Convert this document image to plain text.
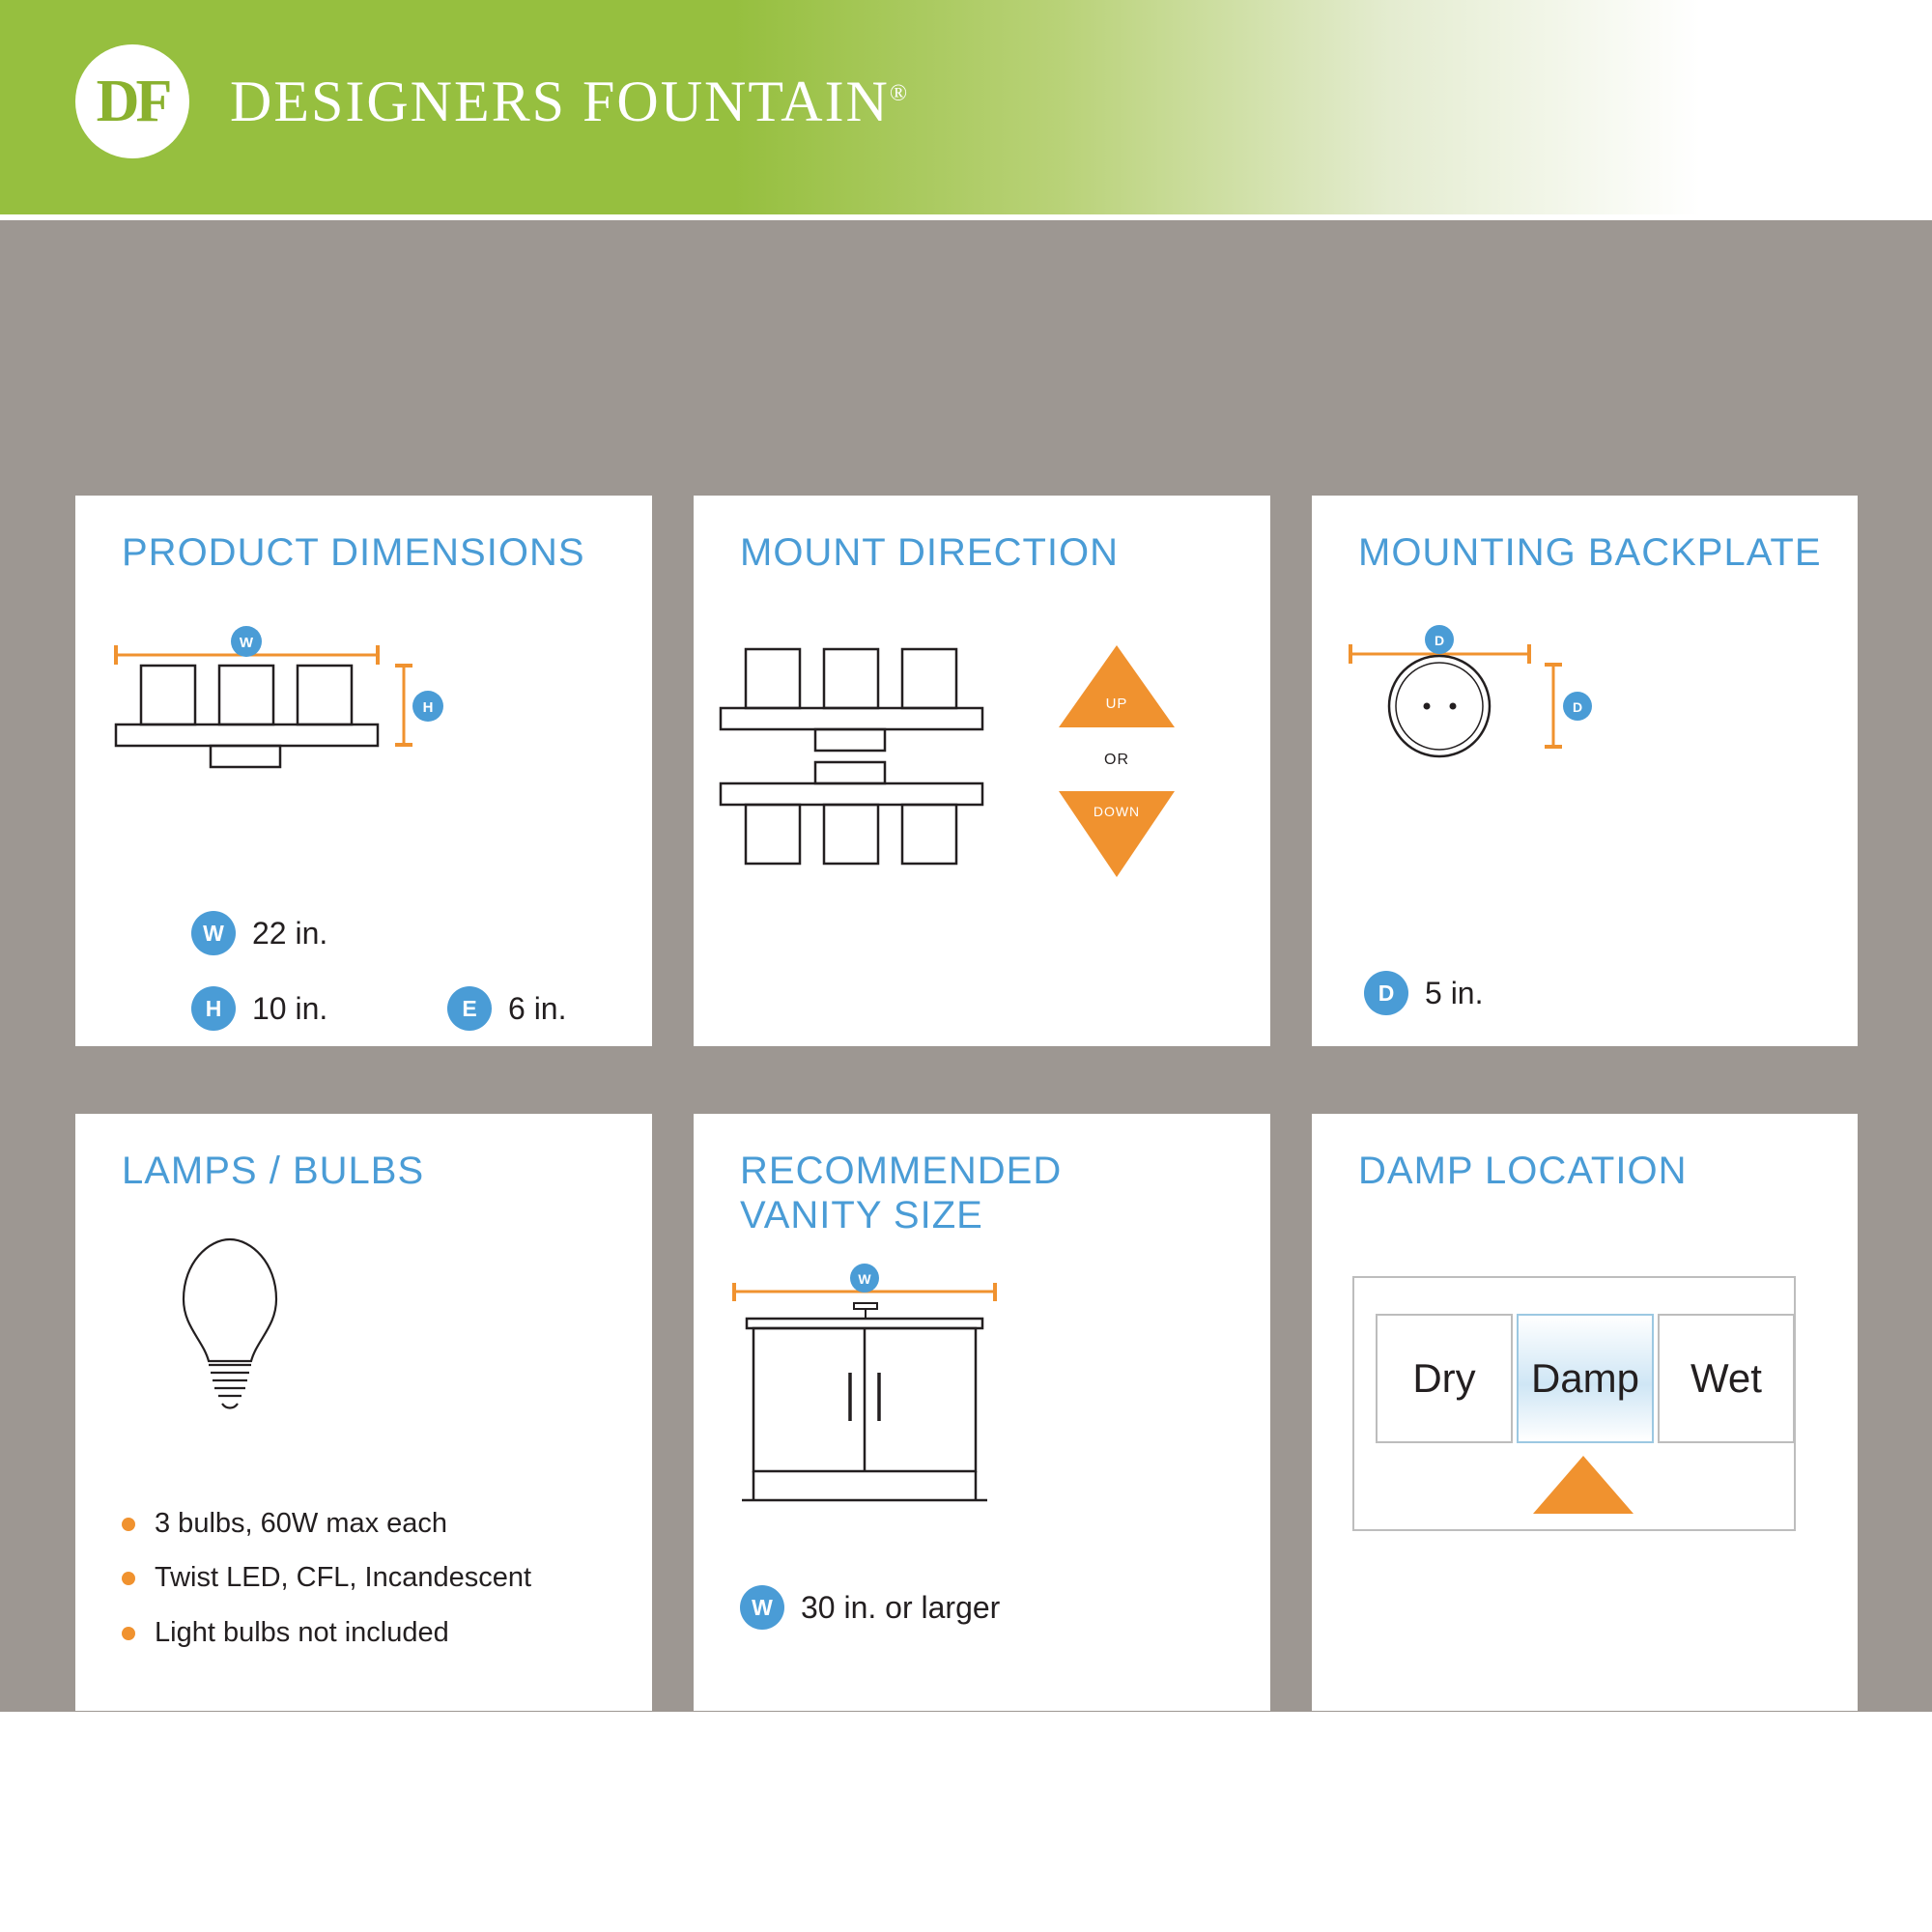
DF DESIGNERS FOUNTAIN®
PRODUCT DIMENSIONS
W
H
W 22 in.
H 10 in.	E	6 in.
MOUNT DIRECTION
UP
OR
DOWN
MOUNTING BACKPLATE
D
D
D 5 in.
LAMPS / BULBS
3 bulbs, 60W max each
Twist LED, CFL, Incandescent
Light bulbs not included
RECOMMENDED
VANITY SIZE
W
W 30 in. or larger
DAMP LOCATION
Dry Damp Wet
